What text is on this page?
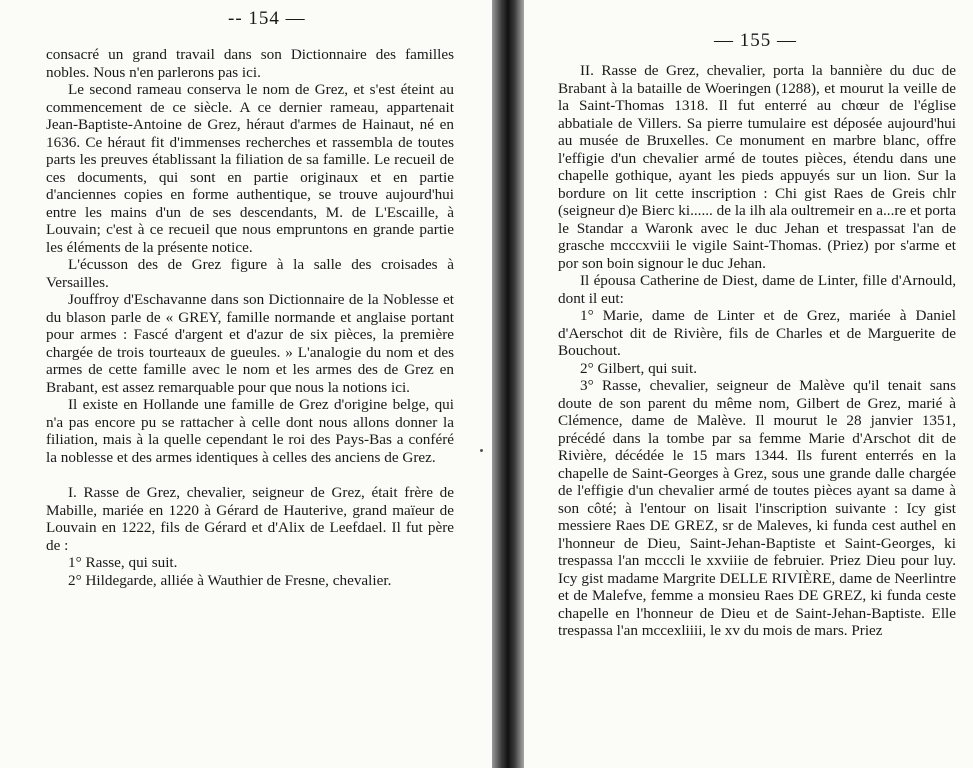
-- 154 —

consacré un grand travail dans son Dictionnaire des familles nobles. Nous n'en parlerons pas ici.

Le second rameau conserva le nom de Grez, et s'est éteint au commencement de ce siècle. A ce dernier rameau, appartenait Jean-Baptiste-Antoine de Grez, héraut d'armes de Hainaut, né en 1636. Ce héraut fit d'immenses recherches et rassembla de toutes parts les preuves établissant la filiation de sa famille. Le recueil de ces documents, qui sont en partie originaux et en partie d'anciennes copies en forme authentique, se trouve aujourd'hui entre les mains d'un de ses descendants, M. de L'Escaille, à Louvain; c'est à ce recueil que nous empruntons en grande partie les éléments de la présente notice.

L'écusson des de Grez figure à la salle des croisades à Versailles.

Jouffroy d'Eschavanne dans son Dictionnaire de la Noblesse et du blason parle de « GREY, famille normande et anglaise portant pour armes : Fascé d'argent et d'azur de six pièces, la première chargée de trois tourteaux de gueules. » L'analogie du nom et des armes de cette famille avec le nom et les armes des de Grez en Brabant, est assez remarquable pour que nous la notions ici.

Il existe en Hollande une famille de Grez d'origine belge, qui n'a pas encore pu se rattacher à celle dont nous allons donner la filiation, mais à la quelle cependant le roi des Pays-Bas a conféré la noblesse et des armes identiques à celles des anciens de Grez.

I. Rasse de Grez, chevalier, seigneur de Grez, était frère de Mabille, mariée en 1220 à Gérard de Hauterive, grand maïeur de Louvain en 1222, fils de Gérard et d'Alix de Leefdael. Il fut père de :

1° Rasse, qui suit.

2° Hildegarde, alliée à Wauthier de Fresne, chevalier.

— 155 —

II. Rasse de Grez, chevalier, porta la bannière du duc de Brabant à la bataille de Woeringen (1288), et mourut la veille de la Saint-Thomas 1318. Il fut enterré au chœur de l'église abbatiale de Villers. Sa pierre tumulaire est déposée aujourd'hui au musée de Bruxelles. Ce monument en marbre blanc, offre l'effigie d'un chevalier armé de toutes pièces, étendu dans une chapelle gothique, ayant les pieds appuyés sur un lion. Sur la bordure on lit cette inscription : Chi gist Raes de Greis chlr (seigneur d)e Bierc ki...... de la ilh ala oultremeir en a...re et porta le Standar a Waronk avec le duc Jehan et trespassat l'an de grasche mcccxviii le vigile Saint-Thomas. (Priez) por s'arme et por son boin signour le duc Jehan.

Il épousa Catherine de Diest, dame de Linter, fille d'Arnould, dont il eut:

1° Marie, dame de Linter et de Grez, mariée à Daniel d'Aerschot dit de Rivière, fils de Charles et de Marguerite de Bouchout.

2° Gilbert, qui suit.

3° Rasse, chevalier, seigneur de Malève qu'il tenait sans doute de son parent du même nom, Gilbert de Grez, marié à Clémence, dame de Malève. Il mourut le 28 janvier 1351, précédé dans la tombe par sa femme Marie d'Arschot dit de Rivière, décédée le 15 mars 1344. Ils furent enterrés en la chapelle de Saint-Georges à Grez, sous une grande dalle chargée de l'effigie d'un chevalier armé de toutes pièces ayant sa dame à son côté; à l'entour on lisait l'inscription suivante : Icy gist messiere Raes DE GREZ, sr de Maleves, ki funda cest authel en l'honneur de Dieu, Saint-Jehan-Baptiste et Saint-Georges, ki trespassa l'an mcccli le xxviiie de februier. Priez Dieu pour luy. Icy gist madame Margrite DELLE RIVIÈRE, dame de Neerlintre et de Malefve, femme a monsieu Raes DE GREZ, ki funda ceste chapelle en l'honneur de Dieu et de Saint-Jehan-Baptiste. Elle trespassa l'an mccexliiii, le xv du mois de mars. Priez
